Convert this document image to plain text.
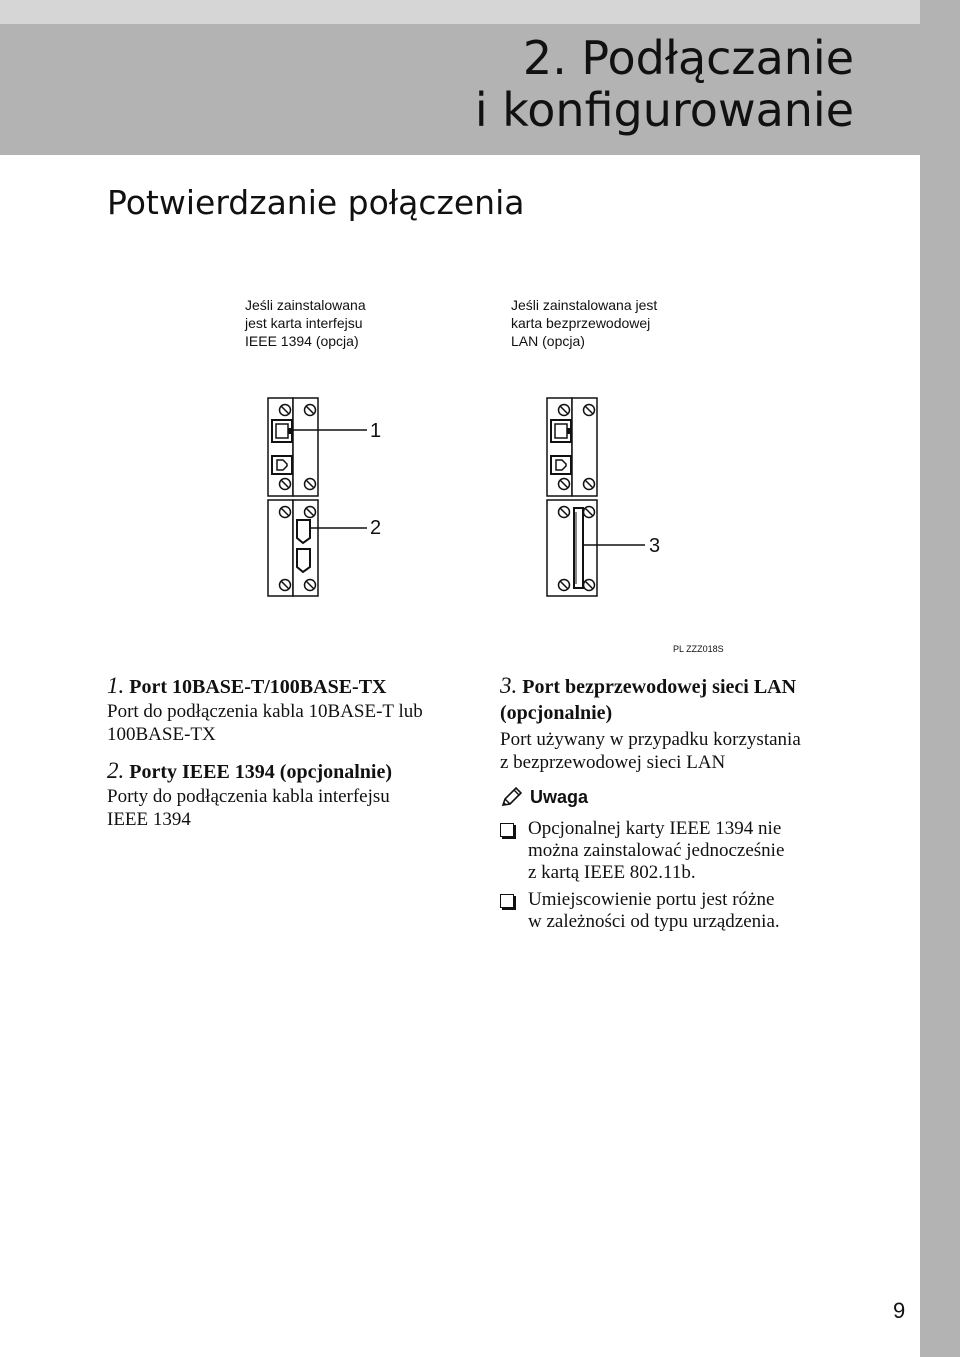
2. Podłączanie
i konfigurowanie
Potwierdzanie połączenia
Jeśli zainstalowana
jest karta interfejsu
IEEE 1394 (opcja)
Jeśli zainstalowana jest
karta bezprzewodowej
LAN (opcja)
1
2
3
PL ZZZ018S
1. Port 10BASE-T/100BASE-TX
Port do podłączenia kabla 10BASE-T lub
100BASE-TX
2. Porty IEEE 1394 (opcjonalnie)
Porty do podłączenia kabla interfejsu
IEEE 1394
3. Port bezprzewodowej sieci LAN
(opcjonalnie)
Port używany w przypadku korzystania
z bezprzewodowej sieci LAN
Uwaga
Opcjonalnej karty IEEE 1394 nie
można zainstalować jednocześnie
z kartą IEEE 802.11b.
Umiejscowienie portu jest różne
w zależności od typu urządzenia.
9
